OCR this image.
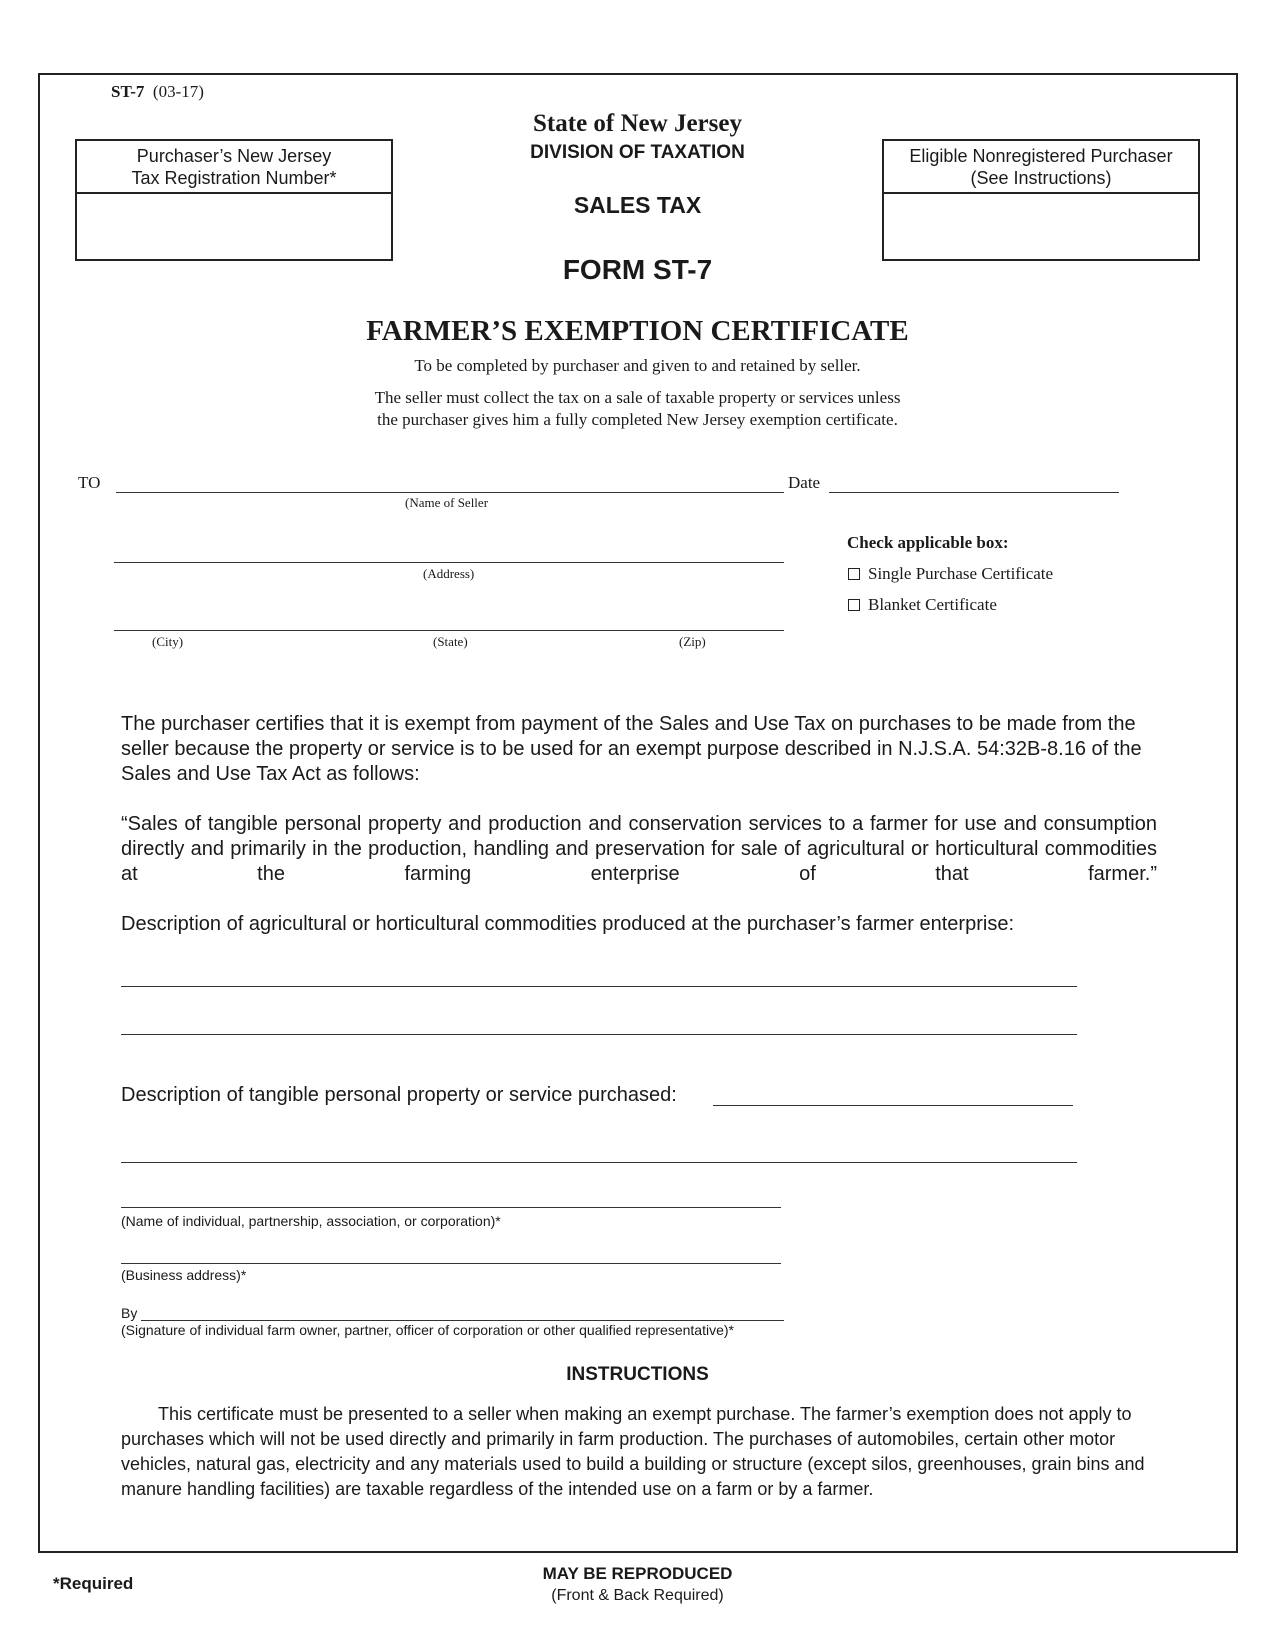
ST-7 (03-17)
Purchaser’s New Jersey
Tax Registration Number*
Eligible Nonregistered Purchaser
(See Instructions)
State of New Jersey
DIVISION OF TAXATION
SALES TAX
FORM ST-7
FARMER’S EXEMPTION CERTIFICATE
To be completed by purchaser and given to and retained by seller.
The seller must collect the tax on a sale of taxable property or services unless
the purchaser gives him a fully completed New Jersey exemption certificate.
TO	Date
(Name of Seller
(Address)
(City)	(State)	(Zip)
Check applicable box:
Single Purchase Certificate
Blanket Certificate
The purchaser certifies that it is exempt from payment of the Sales and Use Tax on purchases to be made from the seller because the property or service is to be used for an exempt purpose described in N.J.S.A. 54:32B-8.16 of the Sales and Use Tax Act as follows:
“Sales of tangible personal property and production and conservation services to a farmer for use and consumption directly and primarily in the production, handling and preservation for sale of agricultural or horticultural commodities at the farming enterprise of that farmer.”
Description of agricultural or horticultural commodities produced at the purchaser’s farmer enterprise:
Description of tangible personal property or service purchased:
(Name of individual, partnership, association, or corporation)*
(Business address)*
By
(Signature of individual farm owner, partner, officer of corporation or other qualified representative)*
INSTRUCTIONS
This certificate must be presented to a seller when making an exempt purchase. The farmer’s exemption does not apply to purchases which will not be used directly and primarily in farm production. The purchases of automobiles, certain other motor vehicles, natural gas, electricity and any materials used to build a building or structure (except silos, greenhouses, grain bins and manure handling facilities) are taxable regardless of the intended use on a farm or by a farmer.
*Required
MAY BE REPRODUCED
(Front & Back Required)
